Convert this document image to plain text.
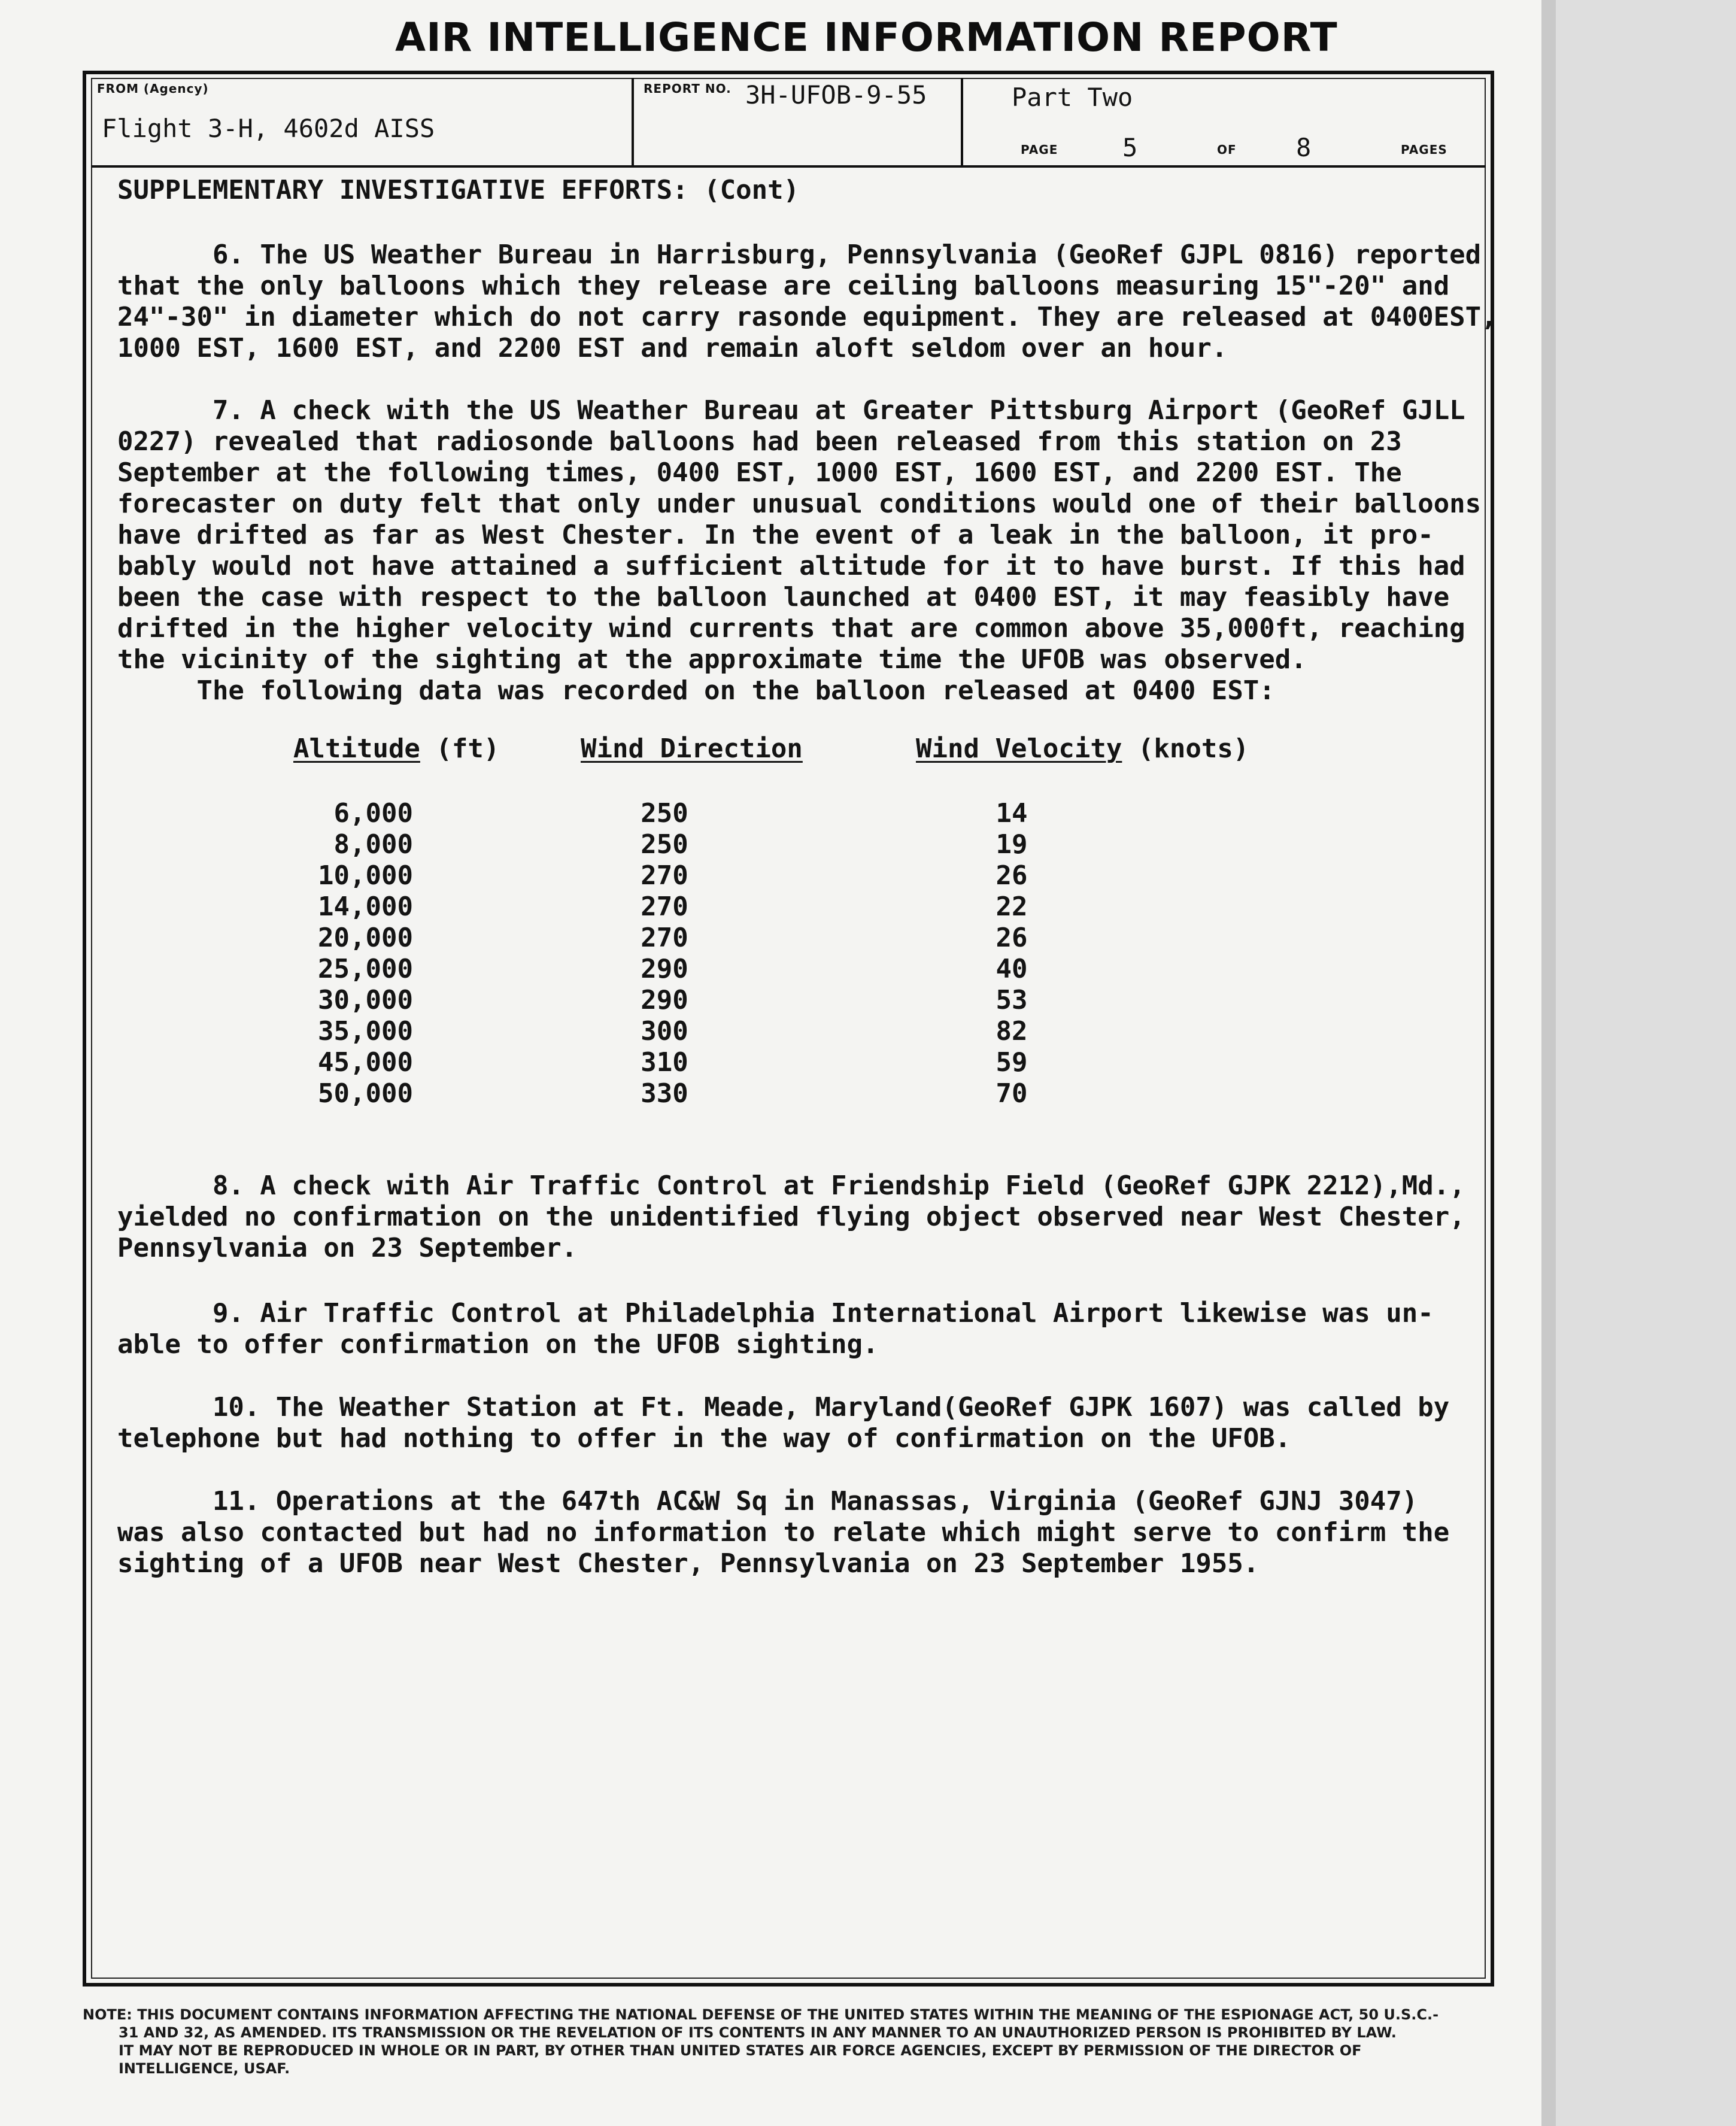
AIR INTELLIGENCE INFORMATION REPORT
FROM (Agency)
Flight 3-H, 4602d AISS
REPORT NO. 3H-UFOB-9-55	Part Two
PAGE	5	OF 8	PAGES
SUPPLEMENTARY INVESTIGATIVE EFFORTS: (Cont)
6. The US Weather Bureau in Harrisburg, Pennsylvania (GeoRef GJPL 0816) reported
that the only balloons which they release are ceiling balloons measuring 15"-20" and
24"-30" in diameter which do not carry rasonde equipment. They are released at 0400EST,
1000 EST, 1600 EST, and 2200 EST and remain aloft seldom over an hour.
7. A check with the US Weather Bureau at Greater Pittsburg Airport (GeoRef GJLL
0227) revealed that radiosonde balloons had been released from this station on 23
September at the following times, 0400 EST, 1000 EST, 1600 EST, and 2200 EST. The
forecaster on duty felt that only under unusual conditions would one of their balloons
have drifted as far as West Chester. In the event of a leak in the balloon, it pro-
bably would not have attained a sufficient altitude for it to have burst. If this had
been the case with respect to the balloon launched at 0400 EST, it may feasibly have
drifted in the higher velocity wind currents that are common above 35,000ft, reaching
the vicinity of the sighting at the approximate time the UFOB was observed.
The following data was recorded on the balloon released at 0400 EST:
Altitude (ft)	Wind Direction	Wind Velocity (knots)
6,000	250	14
8,000	250	19
10,000	270	26
14,000	270	22
20,000	270	26
25,000	290	40
30,000	290	53
35,000	300	82
45,000	310	59
50,000	330	70
8. A check with Air Traffic Control at Friendship Field (GeoRef GJPK 2212),Md.,
yielded no confirmation on the unidentified flying object observed near West Chester,
Pennsylvania on 23 September.
9. Air Traffic Control at Philadelphia International Airport likewise was un-
able to offer confirmation on the UFOB sighting.
10. The Weather Station at Ft. Meade, Maryland(GeoRef GJPK 1607) was called by
telephone but had nothing to offer in the way of confirmation on the UFOB.
11. Operations at the 647th AC&W Sq in Manassas, Virginia (GeoRef GJNJ 3047)
was also contacted but had no information to relate which might serve to confirm the
sighting of a UFOB near West Chester, Pennsylvania on 23 September 1955.
NOTE: THIS DOCUMENT CONTAINS INFORMATION AFFECTING THE NATIONAL DEFENSE OF THE UNITED STATES WITHIN THE MEANING OF THE ESPIONAGE ACT, 50 U.S.C.-
31 AND 32, AS AMENDED. ITS TRANSMISSION OR THE REVELATION OF ITS CONTENTS IN ANY MANNER TO AN UNAUTHORIZED PERSON IS PROHIBITED BY LAW.
IT MAY NOT BE REPRODUCED IN WHOLE OR IN PART, BY OTHER THAN UNITED STATES AIR FORCE AGENCIES, EXCEPT BY PERMISSION OF THE DIRECTOR OF
INTELLIGENCE, USAF.
